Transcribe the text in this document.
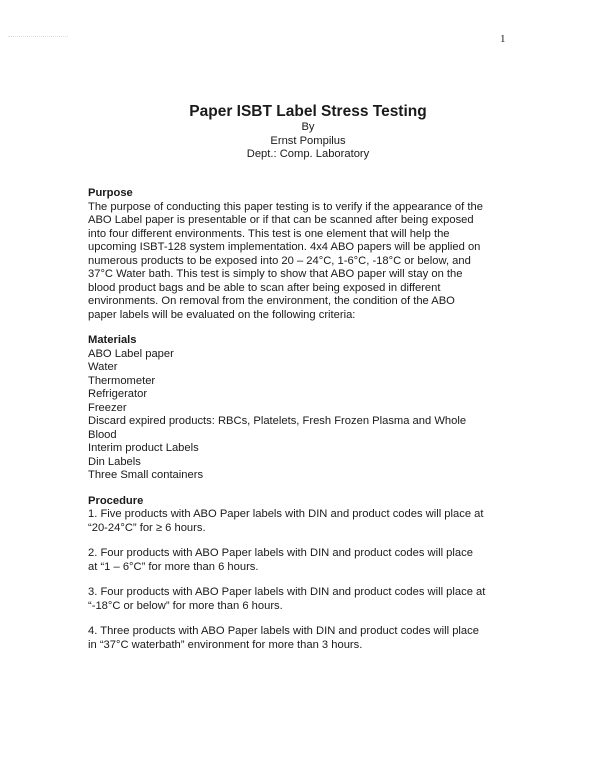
1
Paper ISBT Label Stress Testing
By
Ernst Pompilus
Dept.: Comp. Laboratory
Purpose

The purpose of conducting this paper testing is to verify if the appearance of the

ABO Label paper is presentable or if that can be scanned after being exposed

into four different environments. This test is one element that will help the

upcoming ISBT-128 system implementation. 4x4 ABO papers will be applied on

numerous products to be exposed into 20 – 24°C, 1-6°C, -18°C or below, and

37°C Water bath. This test is simply to show that ABO paper will stay on the

blood product bags and be able to scan after being exposed in different

environments. On removal from the environment, the condition of the ABO

paper labels will be evaluated on the following criteria:

Materials

ABO Label paper

Water

Thermometer

Refrigerator

Freezer

Discard expired products: RBCs, Platelets, Fresh Frozen Plasma and Whole

Blood

Interim product Labels

Din Labels

Three Small containers

Procedure

1. Five products with ABO Paper labels with DIN and product codes will place at

“20-24°C” for ≥ 6 hours.

2. Four products with ABO Paper labels with DIN and product codes will place

at “1 – 6°C” for more than 6 hours.

3. Four products with ABO Paper labels with DIN and product codes will place at

“-18°C or below” for more than 6 hours.

4. Three products with ABO Paper labels with DIN and product codes will place

in “37°C waterbath” environment for more than 3 hours.
